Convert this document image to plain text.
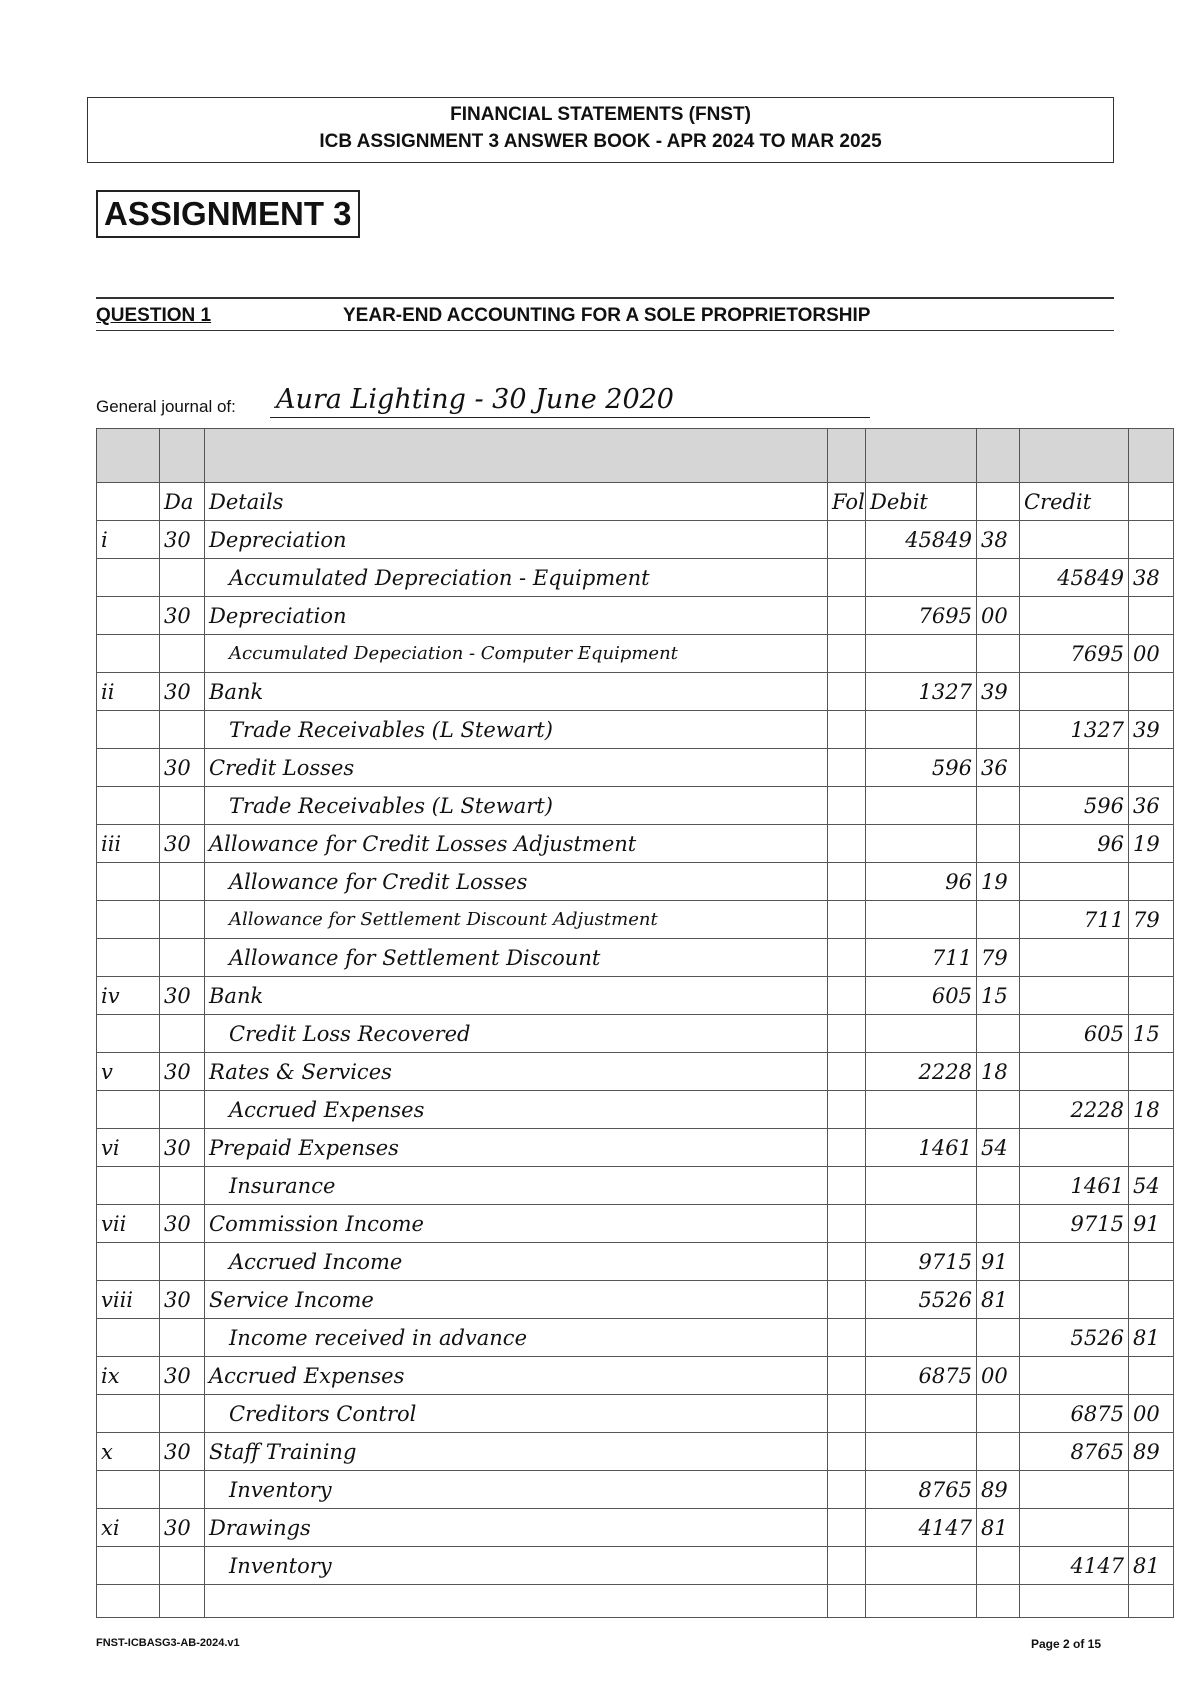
FINANCIAL STATEMENTS (FNST)
ICB ASSIGNMENT 3 ANSWER BOOK - APR 2024 TO MAR 2025
ASSIGNMENT 3
QUESTION 1	YEAR-END ACCOUNTING FOR A SOLE PROPRIETORSHIP
General journal of: Aura Lighting - 30 June 2020

	Da	Details	Fol	Debit		Credit	
i	30	Depreciation		45849	38		
		Accumulated Depreciation - Equipment				45849	38
	30	Depreciation		7695	00		
		Accumulated Depeciation - Computer Equipment				7695	00
ii	30	Bank		1327	39		
		Trade Receivables (L Stewart)				1327	39
	30	Credit Losses		596	36		
		Trade Receivables (L Stewart)				596	36
iii	30	Allowance for Credit Losses Adjustment				96	19
		Allowance for Credit Losses		96	19		
		Allowance for Settlement Discount Adjustment				711	79
		Allowance for Settlement Discount		711	79		
iv	30	Bank		605	15		
		Credit Loss Recovered				605	15
v	30	Rates & Services		2228	18		
		Accrued Expenses				2228	18
vi	30	Prepaid Expenses		1461	54		
		Insurance				1461	54
vii	30	Commission Income				9715	91
		Accrued Income		9715	91		
viii	30	Service Income		5526	81		
		Income received in advance				5526	81
ix	30	Accrued Expenses		6875	00		
		Creditors Control				6875	00
x	30	Staff Training				8765	89
		Inventory		8765	89		
xi	30	Drawings		4147	81		
		Inventory				4147	81

FNST-ICBASG3-AB-2024.v1	Page 2 of 15
